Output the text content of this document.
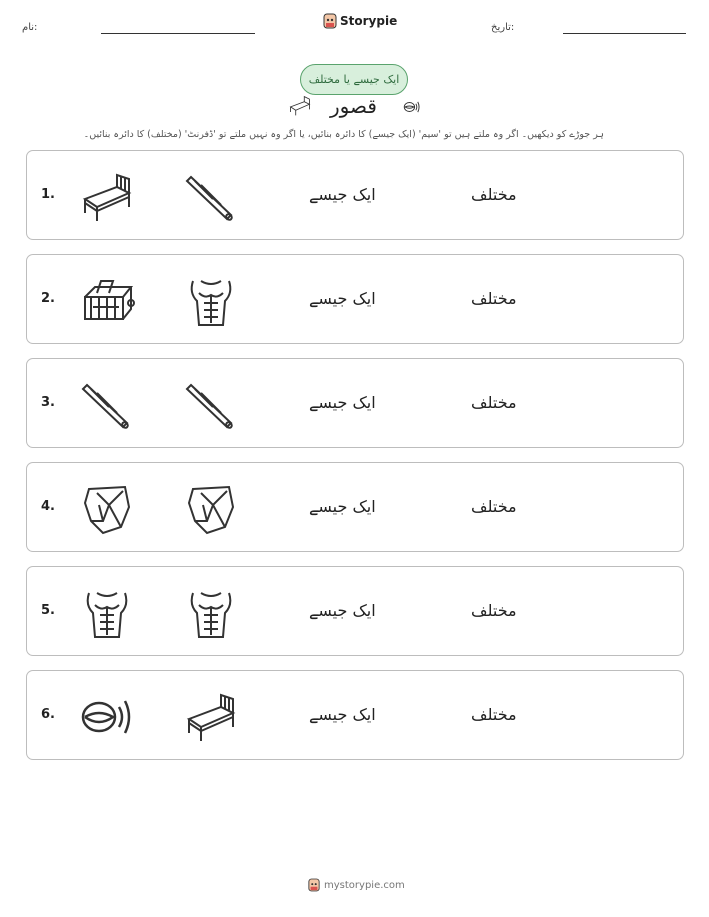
نام:	Storypie	تاریخ:
ایک جیسے یا مختلف
قصور
ہر جوڑے کو دیکھیں۔ اگر وہ ملتے ہیں تو 'سیم' (ایک جیسے) کا دائرہ بنائیں، یا اگر وہ نہیں ملتے تو 'ڈفرنٹ' (مختلف) کا دائرہ بنائیں۔
1.	ایک جیسے	مختلف
2.	ایک جیسے	مختلف
3.	ایک جیسے	مختلف
4.	ایک جیسے	مختلف
5.	ایک جیسے	مختلف
6.	ایک جیسے	مختلف
mystorypie.com
